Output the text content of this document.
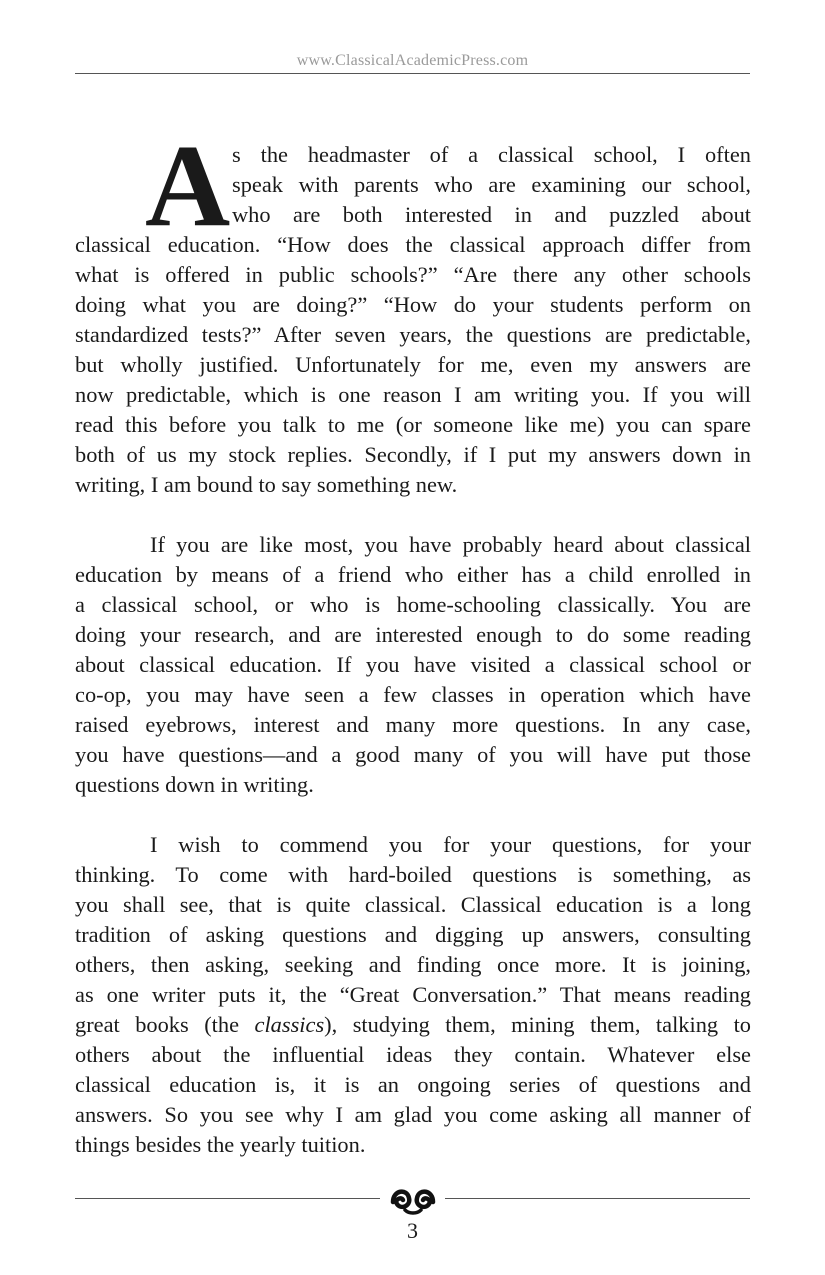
www.ClassicalAcademicPress.com
A s the headmaster of a classical school, I often
speak with parents who are examining our school,
who are both interested in and puzzled about
classical education. “How does the classical approach differ from
what is offered in public schools?” “Are there any other schools
doing what you are doing?” “How do your students perform on
standardized tests?” After seven years, the questions are predictable,
but wholly justified. Unfortunately for me, even my answers are
now predictable, which is one reason I am writing you. If you will
read this before you talk to me (or someone like me) you can spare
both of us my stock replies. Secondly, if I put my answers down in
writing, I am bound to say something new.
If you are like most, you have probably heard about classical
education by means of a friend who either has a child enrolled in
a classical school, or who is home-schooling classically. You are
doing your research, and are interested enough to do some reading
about classical education. If you have visited a classical school or
co-op, you may have seen a few classes in operation which have
raised eyebrows, interest and many more questions. In any case,
you have questions—and a good many of you will have put those
questions down in writing.
I wish to commend you for your questions, for your
thinking. To come with hard-boiled questions is something, as
you shall see, that is quite classical. Classical education is a long
tradition of asking questions and digging up answers, consulting
others, then asking, seeking and finding once more. It is joining,
as one writer puts it, the “Great Conversation.” That means reading
great books (the classics), studying them, mining them, talking to
others about the influential ideas they contain. Whatever else
classical education is, it is an ongoing series of questions and
answers. So you see why I am glad you come asking all manner of
things besides the yearly tuition.
3
